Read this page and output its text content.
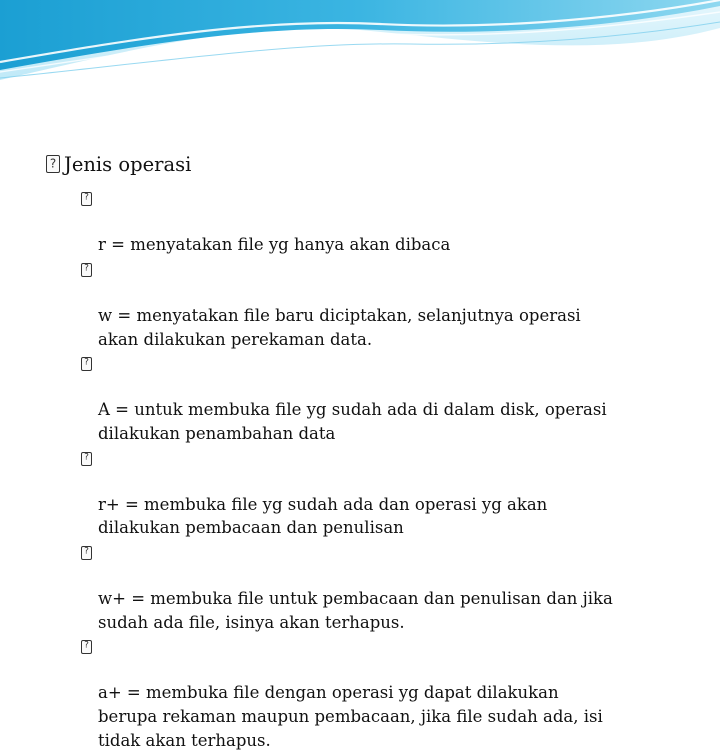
?
Jenis operasi

?

r = menyatakan file yg hanya akan dibaca

?

w = menyatakan file baru diciptakan, selanjutnya operasi
akan dilakukan perekaman data.

?

A = untuk membuka file yg sudah ada di dalam disk, operasi
dilakukan penambahan data

?

r+ = membuka file yg sudah ada dan operasi yg akan
dilakukan pembacaan dan penulisan

?

w+ = membuka file untuk pembacaan dan penulisan dan jika
sudah ada file, isinya akan terhapus.

?

a+ = membuka file dengan operasi yg dapat dilakukan
berupa rekaman maupun pembacaan, jika file sudah ada, isi
tidak akan terhapus.
